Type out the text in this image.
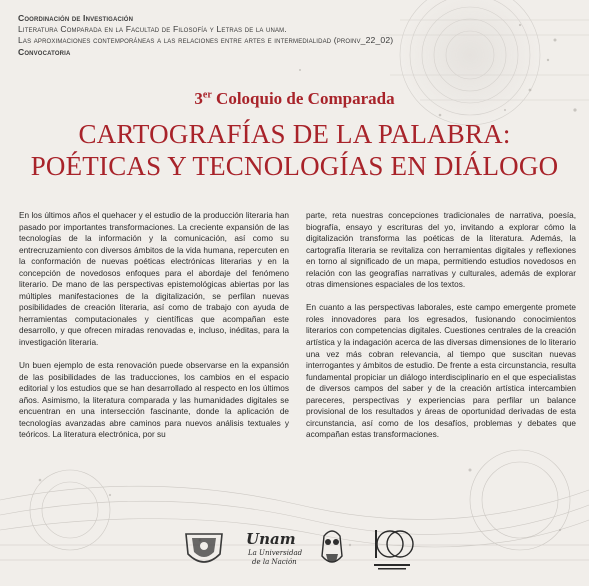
Coordinación de Investigación
Literatura Comparada en la Facultad de Filosofía y Letras de la unam.
Las aproximaciones contemporáneas a las relaciones entre artes e intermedialidad (proinv_22_02)
Convocatoria
3er Coloquio de Comparada
CARTOGRAFÍAS DE LA PALABRA:
POÉTICAS Y TECNOLOGÍAS EN DIÁLOGO

En los últimos años el quehacer y el estudio de la producción literaria han pasado por importantes transformaciones. La creciente expansión de las tecnologías de la información y la comunicación, así como su entrecruzamiento con diversos ámbitos de la vida humana, repercuten en la conformación de nuevas poéticas electrónicas literarias y en la concepción de novedosos enfoques para el abordaje del fenómeno literario. De mano de las perspectivas epistemológicas abiertas por las múltiples manifestaciones de la digitalización, se perfilan nuevas posibilidades de creación literaria, así como de trabajo con ayuda de herramientas computacionales y científicas que acompañan este desarrollo, y que ofrecen miradas renovadas e, incluso, inéditas, para la investigación literaria.

Un buen ejemplo de esta renovación puede observarse en la expansión de las posibilidades de las traducciones, los cambios en el espacio editorial y los estudios que se han desarrollado al respecto en los últimos años. Asimismo, la literatura comparada y las humanidades digitales se encuentran en una intersección fascinante, donde la aplicación de tecnologías avanzadas abre caminos para nuevos análisis textuales y teóricos. La literatura electrónica, por su

parte, reta nuestras concepciones tradicionales de narrativa, poesía, biografía, ensayo y escrituras del yo, invitando a explorar cómo la digitalización transforma las poéticas de la literatura. Además, la cartografía literaria se revitaliza con herramientas digitales y reflexiones en torno al significado de un mapa, permitiendo estudios novedosos en relación con las geografías narrativas y culturales, además de explorar otras dimensiones espaciales de los textos.

En cuanto a las perspectivas laborales, este campo emergente promete roles innovadores para los egresados, fusionando conocimientos literarios con competencias digitales. Cuestiones centrales de la creación artística y la indagación acerca de las diversas dimensiones de lo literario una vez más cobran relevancia, al tiempo que suscitan nuevas interrogantes y ámbitos de estudio. De frente a esta circunstancia, resulta fundamental propiciar un diálogo interdisciplinario en el que especialistas de diversos campos del saber y de la creación artística intercambien pareceres, perspectivas y experiencias para perfilar un balance provisional de los resultados y áreas de oportunidad derivadas de esta circunstancia, así como de los desafíos, problemas y debates que acompañan estas transformaciones.

Unam
La Universidad
de la Nación
